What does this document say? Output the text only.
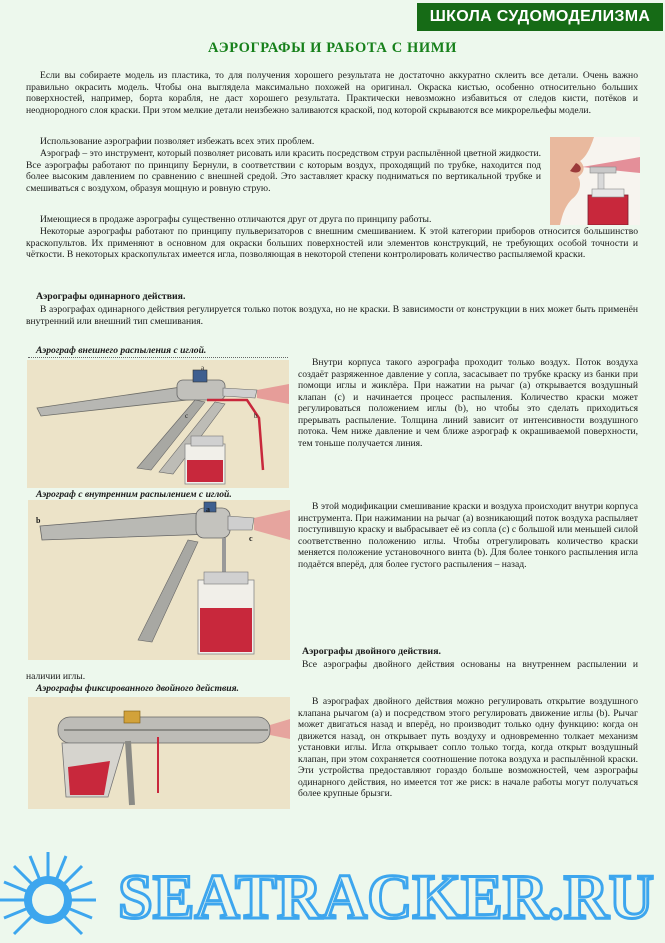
ШКОЛА СУДОМОДЕЛИЗМА
АЭРОГРАФЫ И РАБОТА С НИМИ

Если вы собираете модель из пластика, то для получения хорошего результата не достаточно аккуратно склеить все детали. Очень важно правильно окрасить модель. Чтобы она выглядела максимально похожей на оригинал. Окраска кистью, особенно относительно больших поверхностей, например, борта корабля, не даст хорошего результата. Практически невозможно избавиться от следов кисти, потёков и неоднородного слоя краски. При этом мелкие детали неизбежно заливаются краской, под которой скрываются все микрорельефы модели.

Использование аэрографии позволяет избежать всех этих проблем.

Аэрограф – это инструмент, который позволяет рисовать или красить посредством струи распылённой цветной жидкости. Все аэрографы работают по принципу Бернули, в соответствии с которым воздух, проходящий по трубке, находится под более высоким давлением по сравнению с внешней средой. Это заставляет краску подниматься по вертикальной трубке и смешиваться с воздухом, образуя мощную и ровную струю.

Имеющиеся в продаже аэрографы существенно отличаются друг от друга по принципу работы.

Некоторые аэрографы работают по принципу пульверизаторов с внешним смешиванием. К этой категории приборов относится большинство краскопультов. Их применяют в основном для окраски больших поверхностей или элементов конструкций, не требующих особой точности и чёткости. В некоторых краскопультах имеется игла, позволяющая в некоторой степени контролировать количество распыляемой краски.

Аэрографы одинарного действия.

В аэрографах одинарного действия регулируется только поток воздуха, но не краски. В зависимости от конструкции в них может быть применён внутренний или внешний тип смешивания.

Аэрограф внешнего распыления с иглой.
a
b
c

Внутри корпуса такого аэрографа проходит только воздух. Поток воздуха создаёт разряженное давление у сопла, засасывает по трубке краску из банки при помощи иглы и жиклёра. При нажатии на рычаг (а) открывается воздушный клапан (с) и начинается процесс распыления. Количество краски может регулироваться положением иглы (b), но чтобы это сделать приходиться прерывать распыление. Толщина линий зависит от интенсивности воздушного потока. Чем ниже давление и чем ближе аэрограф к окрашиваемой поверхности, тем тоньше получается линия.

Аэрограф с внутренним распылением с иглой.
b
a
c

В этой модификации смешивание краски и воздуха происходит внутри корпуса инструмента. При нажимании на рычаг (а) возникающий поток воздуха распыляет поступившую краску и выбрасывает её из сопла (с) с большой или меньшей силой соответственно положению иглы. Чтобы отрегулировать количество краски меняется положение установочного винта (b). Для более тонкого распыления игла подаётся вперёд, для более густого распыления – назад.

Аэрографы двойного действия.

Все аэрографы двойного действия основаны на внутреннем распылении и наличии иглы.

Аэрографы фиксированного двойного действия.

В аэрографах двойного действия можно регулировать открытие воздушного клапана рычагом (а) и посредством этого регулировать движение иглы (b). Рычаг может двигаться назад и вперёд, но производит только одну функцию: когда он движется назад, он открывает путь воздуху и одновременно толкает механизм установки иглы. Игла открывает сопло только тогда, когда открыт воздушный клапан, при этом сохраняется соотношение потока воздуха и распылённой краски. Эти устройства предоставляют гораздо больше возможностей, чем аэрографы одинарного действия, но имеется тот же риск: в начале работы могут получаться более крупные брызги.

SEATRACKER.RU
